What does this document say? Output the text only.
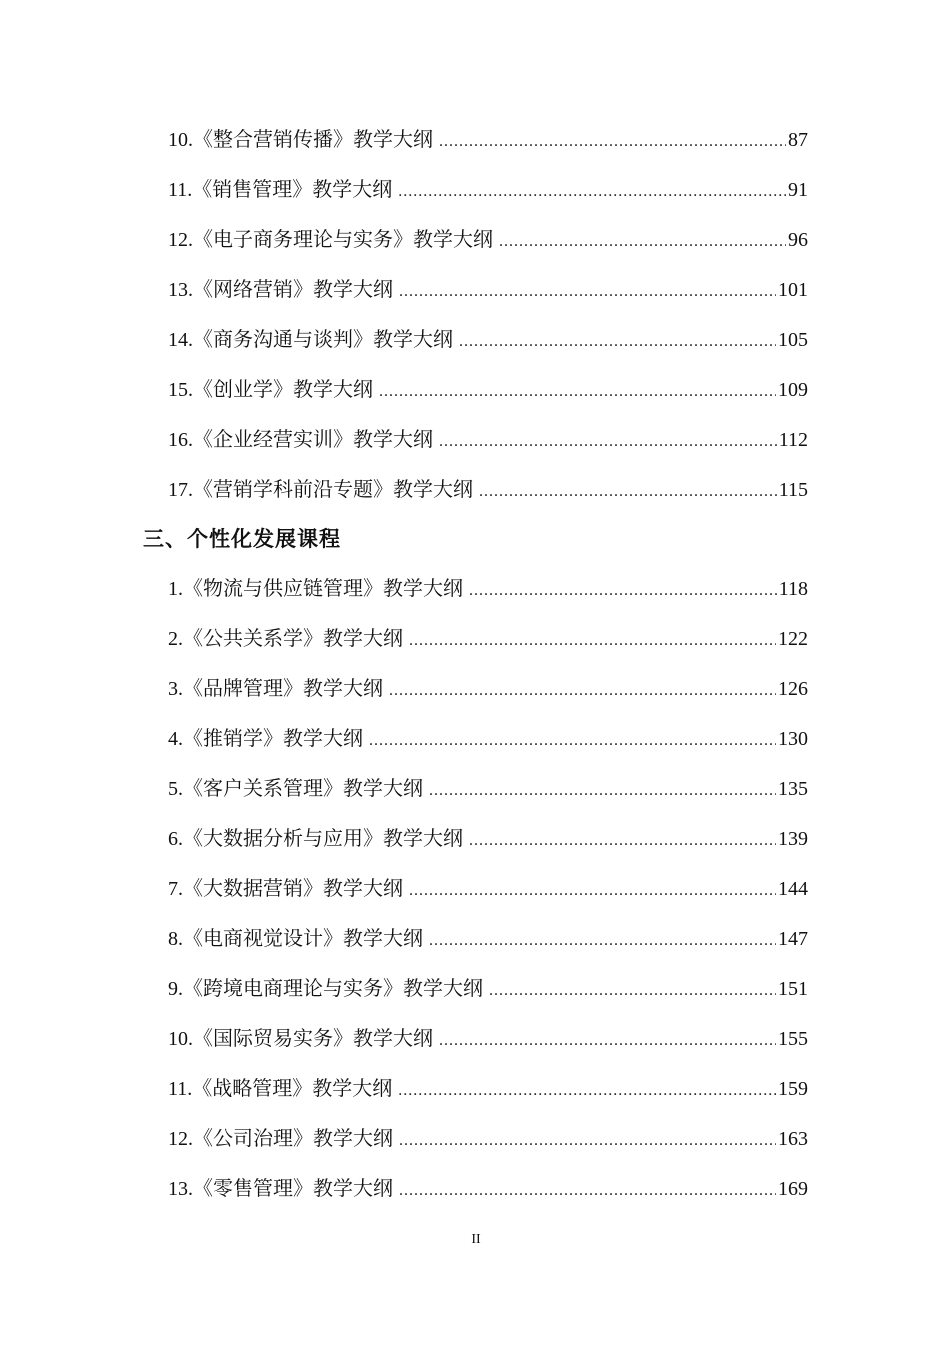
10.《整合营销传播》教学大纲 .....	87
11.《销售管理》教学大纲 .....	91
12.《电子商务理论与实务》教学大纲 .....	96
13.《网络营销》教学大纲 .....	101
14.《商务沟通与谈判》教学大纲 .....	105
15.《创业学》教学大纲 .....	109
16.《企业经营实训》教学大纲 .....	112
17.《营销学科前沿专题》教学大纲 .....	115
三、个性化发展课程
1.《物流与供应链管理》教学大纲 .....	118
2.《公共关系学》教学大纲 .....	122
3.《品牌管理》教学大纲 .....	126
4.《推销学》教学大纲 .....	130
5.《客户关系管理》教学大纲 .....	135
6.《大数据分析与应用》教学大纲 .....	139
7.《大数据营销》教学大纲 .....	144
8.《电商视觉设计》教学大纲 .....	147
9.《跨境电商理论与实务》教学大纲 .....	151
10.《国际贸易实务》教学大纲 .....	155
11.《战略管理》教学大纲 .....	159
12.《公司治理》教学大纲 .....	163
13.《零售管理》教学大纲 .....	169
II
